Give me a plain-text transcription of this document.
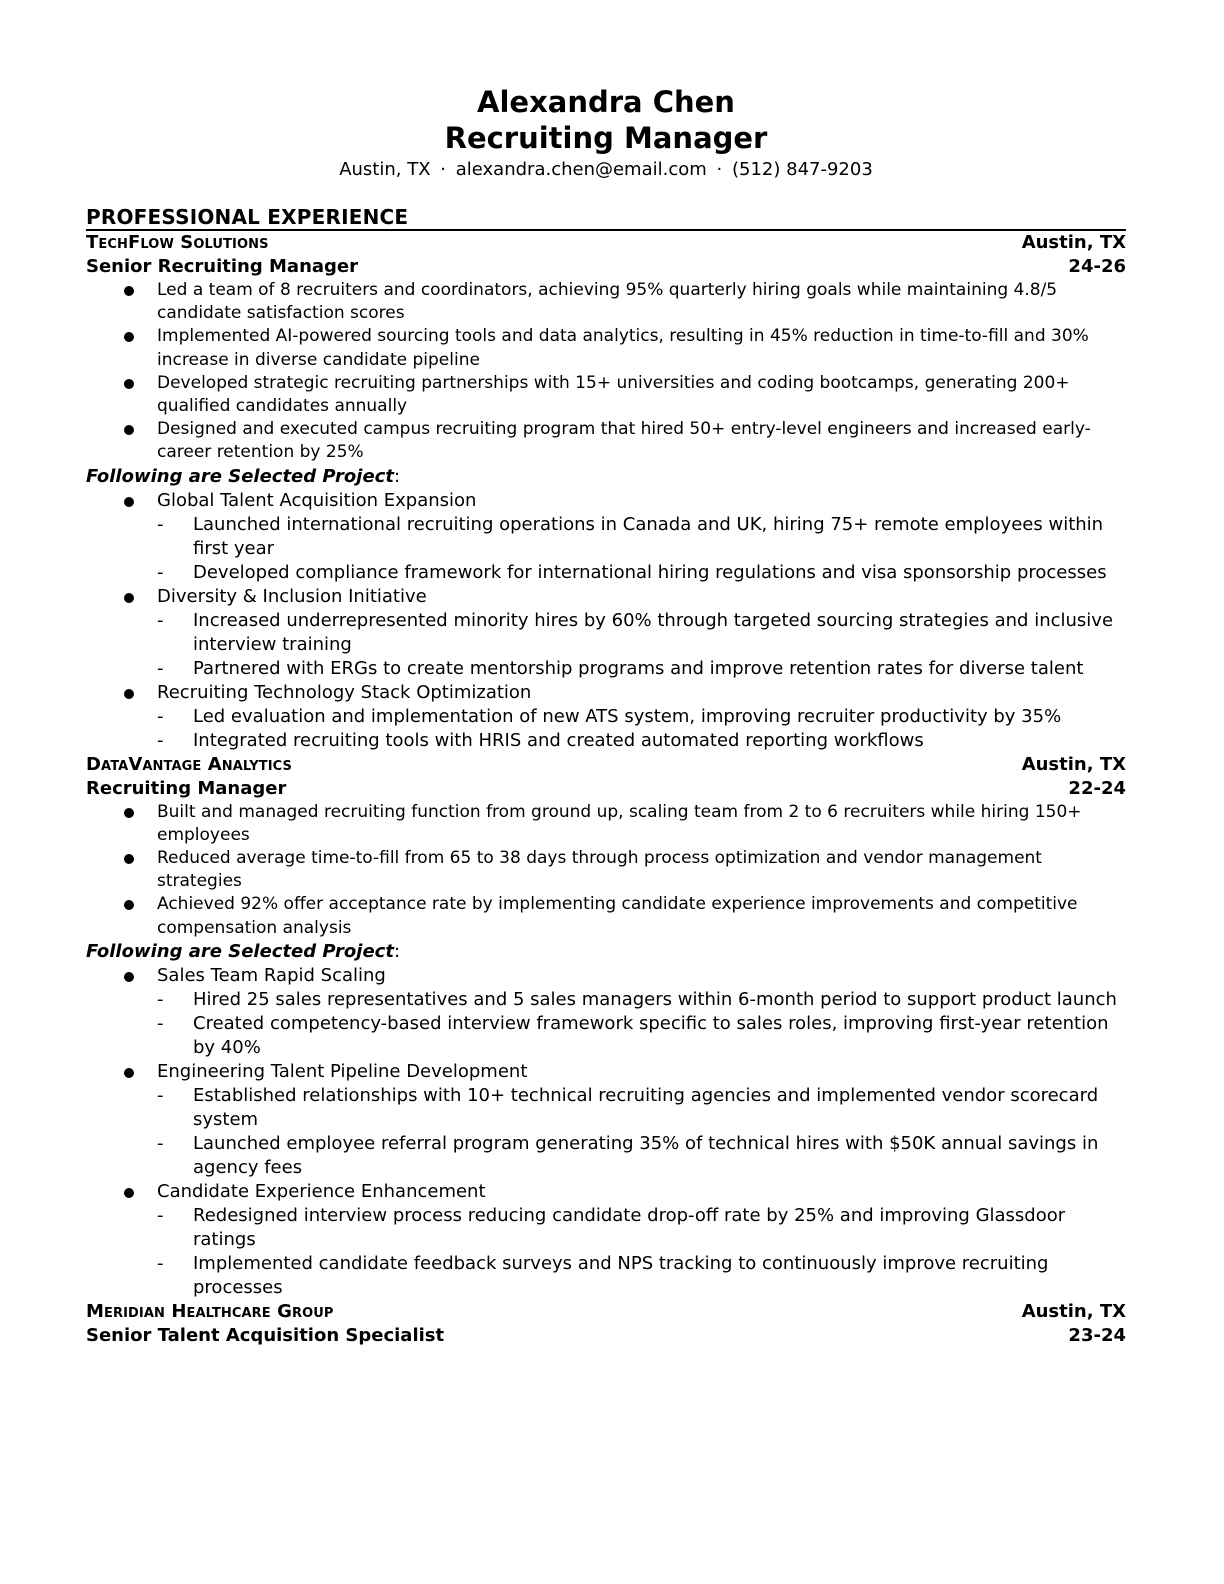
Alexandra Chen
Recruiting Manager
Austin, TX · alexandra.chen@email.com · (512) 847-9203
PROFESSIONAL EXPERIENCE
TechFlow Solutions	Austin, TX
Senior Recruiting Manager	24-26
Led a team of 8 recruiters and coordinators, achieving 95% quarterly hiring goals while maintaining 4.8/5 candidate satisfaction scores
Implemented AI-powered sourcing tools and data analytics, resulting in 45% reduction in time-to-fill and 30% increase in diverse candidate pipeline
Developed strategic recruiting partnerships with 15+ universities and coding bootcamps, generating 200+ qualified candidates annually
Designed and executed campus recruiting program that hired 50+ entry-level engineers and increased early-career retention by 25%
Following are Selected Project:
Global Talent Acquisition Expansion
- Launched international recruiting operations in Canada and UK, hiring 75+ remote employees within first year
- Developed compliance framework for international hiring regulations and visa sponsorship processes
Diversity & Inclusion Initiative
- Increased underrepresented minority hires by 60% through targeted sourcing strategies and inclusive interview training
- Partnered with ERGs to create mentorship programs and improve retention rates for diverse talent
Recruiting Technology Stack Optimization
- Led evaluation and implementation of new ATS system, improving recruiter productivity by 35%
- Integrated recruiting tools with HRIS and created automated reporting workflows
DataVantage Analytics	Austin, TX
Recruiting Manager	22-24
Built and managed recruiting function from ground up, scaling team from 2 to 6 recruiters while hiring 150+ employees
Reduced average time-to-fill from 65 to 38 days through process optimization and vendor management strategies
Achieved 92% offer acceptance rate by implementing candidate experience improvements and competitive compensation analysis
Following are Selected Project:
Sales Team Rapid Scaling
- Hired 25 sales representatives and 5 sales managers within 6-month period to support product launch
- Created competency-based interview framework specific to sales roles, improving first-year retention by 40%
Engineering Talent Pipeline Development
- Established relationships with 10+ technical recruiting agencies and implemented vendor scorecard system
- Launched employee referral program generating 35% of technical hires with $50K annual savings in agency fees
Candidate Experience Enhancement
- Redesigned interview process reducing candidate drop-off rate by 25% and improving Glassdoor ratings
- Implemented candidate feedback surveys and NPS tracking to continuously improve recruiting processes
Meridian Healthcare Group	Austin, TX
Senior Talent Acquisition Specialist	23-24
